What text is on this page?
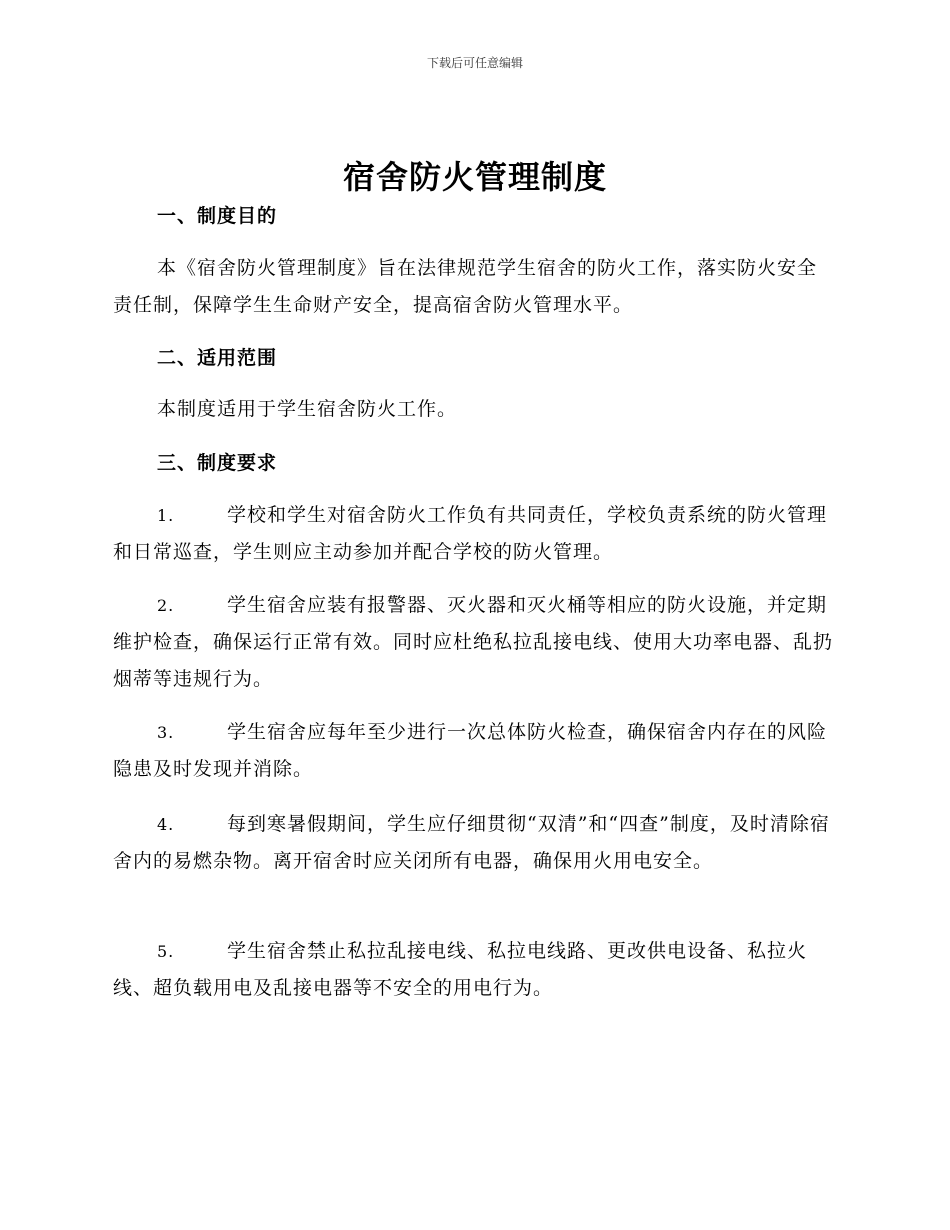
下载后可任意编辑
宿舍防火管理制度
一、制度目的
本《宿舍防火管理制度》旨在法律规范学生宿舍的防火工作，落实防火安全责任制，保障学生生命财产安全，提高宿舍防火管理水平。
二、适用范围
本制度适用于学生宿舍防火工作。
三、制度要求
1.	学校和学生对宿舍防火工作负有共同责任，学校负责系统的防火管理和日常巡查，学生则应主动参加并配合学校的防火管理。
2.	学生宿舍应装有报警器、灭火器和灭火桶等相应的防火设施，并定期维护检查，确保运行正常有效。同时应杜绝私拉乱接电线、使用大功率电器、乱扔烟蒂等违规行为。
3.	学生宿舍应每年至少进行一次总体防火检查，确保宿舍内存在的风险隐患及时发现并消除。
4.	每到寒暑假期间，学生应仔细贯彻“双清”和“四查”制度，及时清除宿舍内的易燃杂物。离开宿舍时应关闭所有电器，确保用火用电安全。
5.	学生宿舍禁止私拉乱接电线、私拉电线路、更改供电设备、私拉火线、超负载用电及乱接电器等不安全的用电行为。
